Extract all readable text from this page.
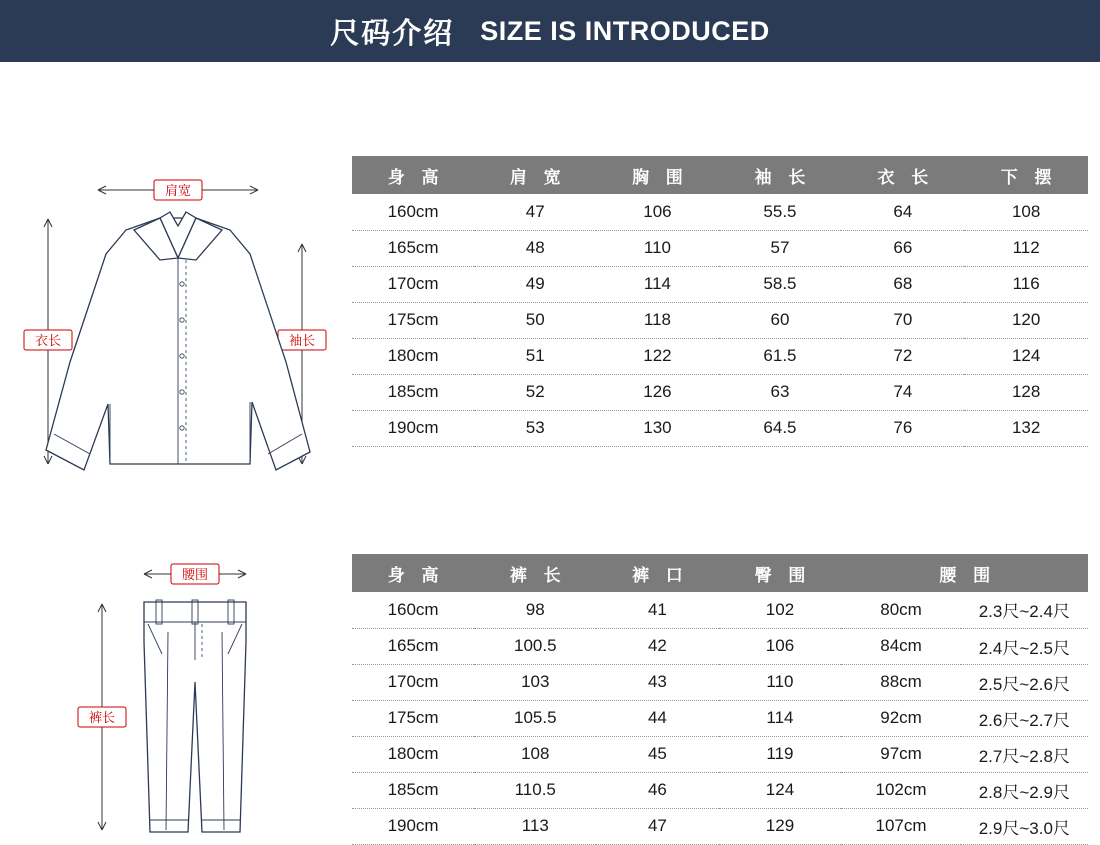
尺码介绍 SIZE IS INTRODUCED
肩宽
衣长	袖长
身 高	肩 宽	胸 围	袖 长	衣 长	下 摆
160cm	47	106	55.5	64	108
165cm	48	110	57	66	112
170cm	49	114	58.5	68	116
175cm	50	118	60	70	120
180cm	51	122	61.5	72	124
185cm	52	126	63	74	128
190cm	53	130	64.5	76	132
腰围
裤长
身 高	裤 长	裤 口	臀 围	腰 围	
160cm	98	41	102	80cm	2.3尺~2.4尺
165cm	100.5	42	106	84cm	2.4尺~2.5尺
170cm	103	43	110	88cm	2.5尺~2.6尺
175cm	105.5	44	114	92cm	2.6尺~2.7尺
180cm	108	45	119	97cm	2.7尺~2.8尺
185cm	110.5	46	124	102cm	2.8尺~2.9尺
190cm	113	47	129	107cm	2.9尺~3.0尺
